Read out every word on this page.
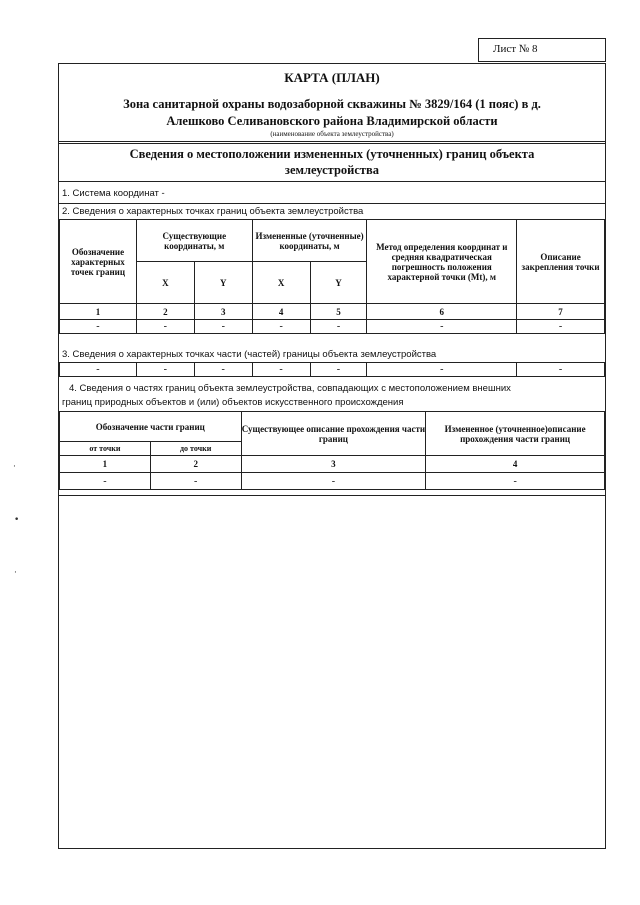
Лист № 8
КАРТА (ПЛАН)
Зона санитарной охраны водозаборной скважины № 3829/164 (1 пояс) в д.
Алешково Селивановского района Владимирской области
(наименование объекта землеустройства)
Сведения о местоположении измененных (уточненных) границ объекта
землеустройства
1. Система координат -
2. Сведения о характерных точках границ объекта землеустройства
Обозначение характерных точек границ	Существующие координаты, м		Измененные (уточненные) координаты, м		Метод определения координат и средняя квадратическая погрешность положения характерной точки (Mt), м	Описание закрепления точки
	X	Y	X	Y		
1	2	3	4	5	6	7
-	-	-	-	-	-	-
3. Сведения о характерных точках части (частей) границы объекта землеустройства
-	-	-	-	-	-	-
4. Сведения о частях границ объекта землеустройства, совпадающих с местоположением внешних
границ природных объектов и (или) объектов искусственного происхождения
Обозначение части границ		Существующее описание прохождения части границ	Измененное (уточненное)описание прохождения части границ
от точки	до точки		
1	2	3	4
-	-	-	-
·
•
·
